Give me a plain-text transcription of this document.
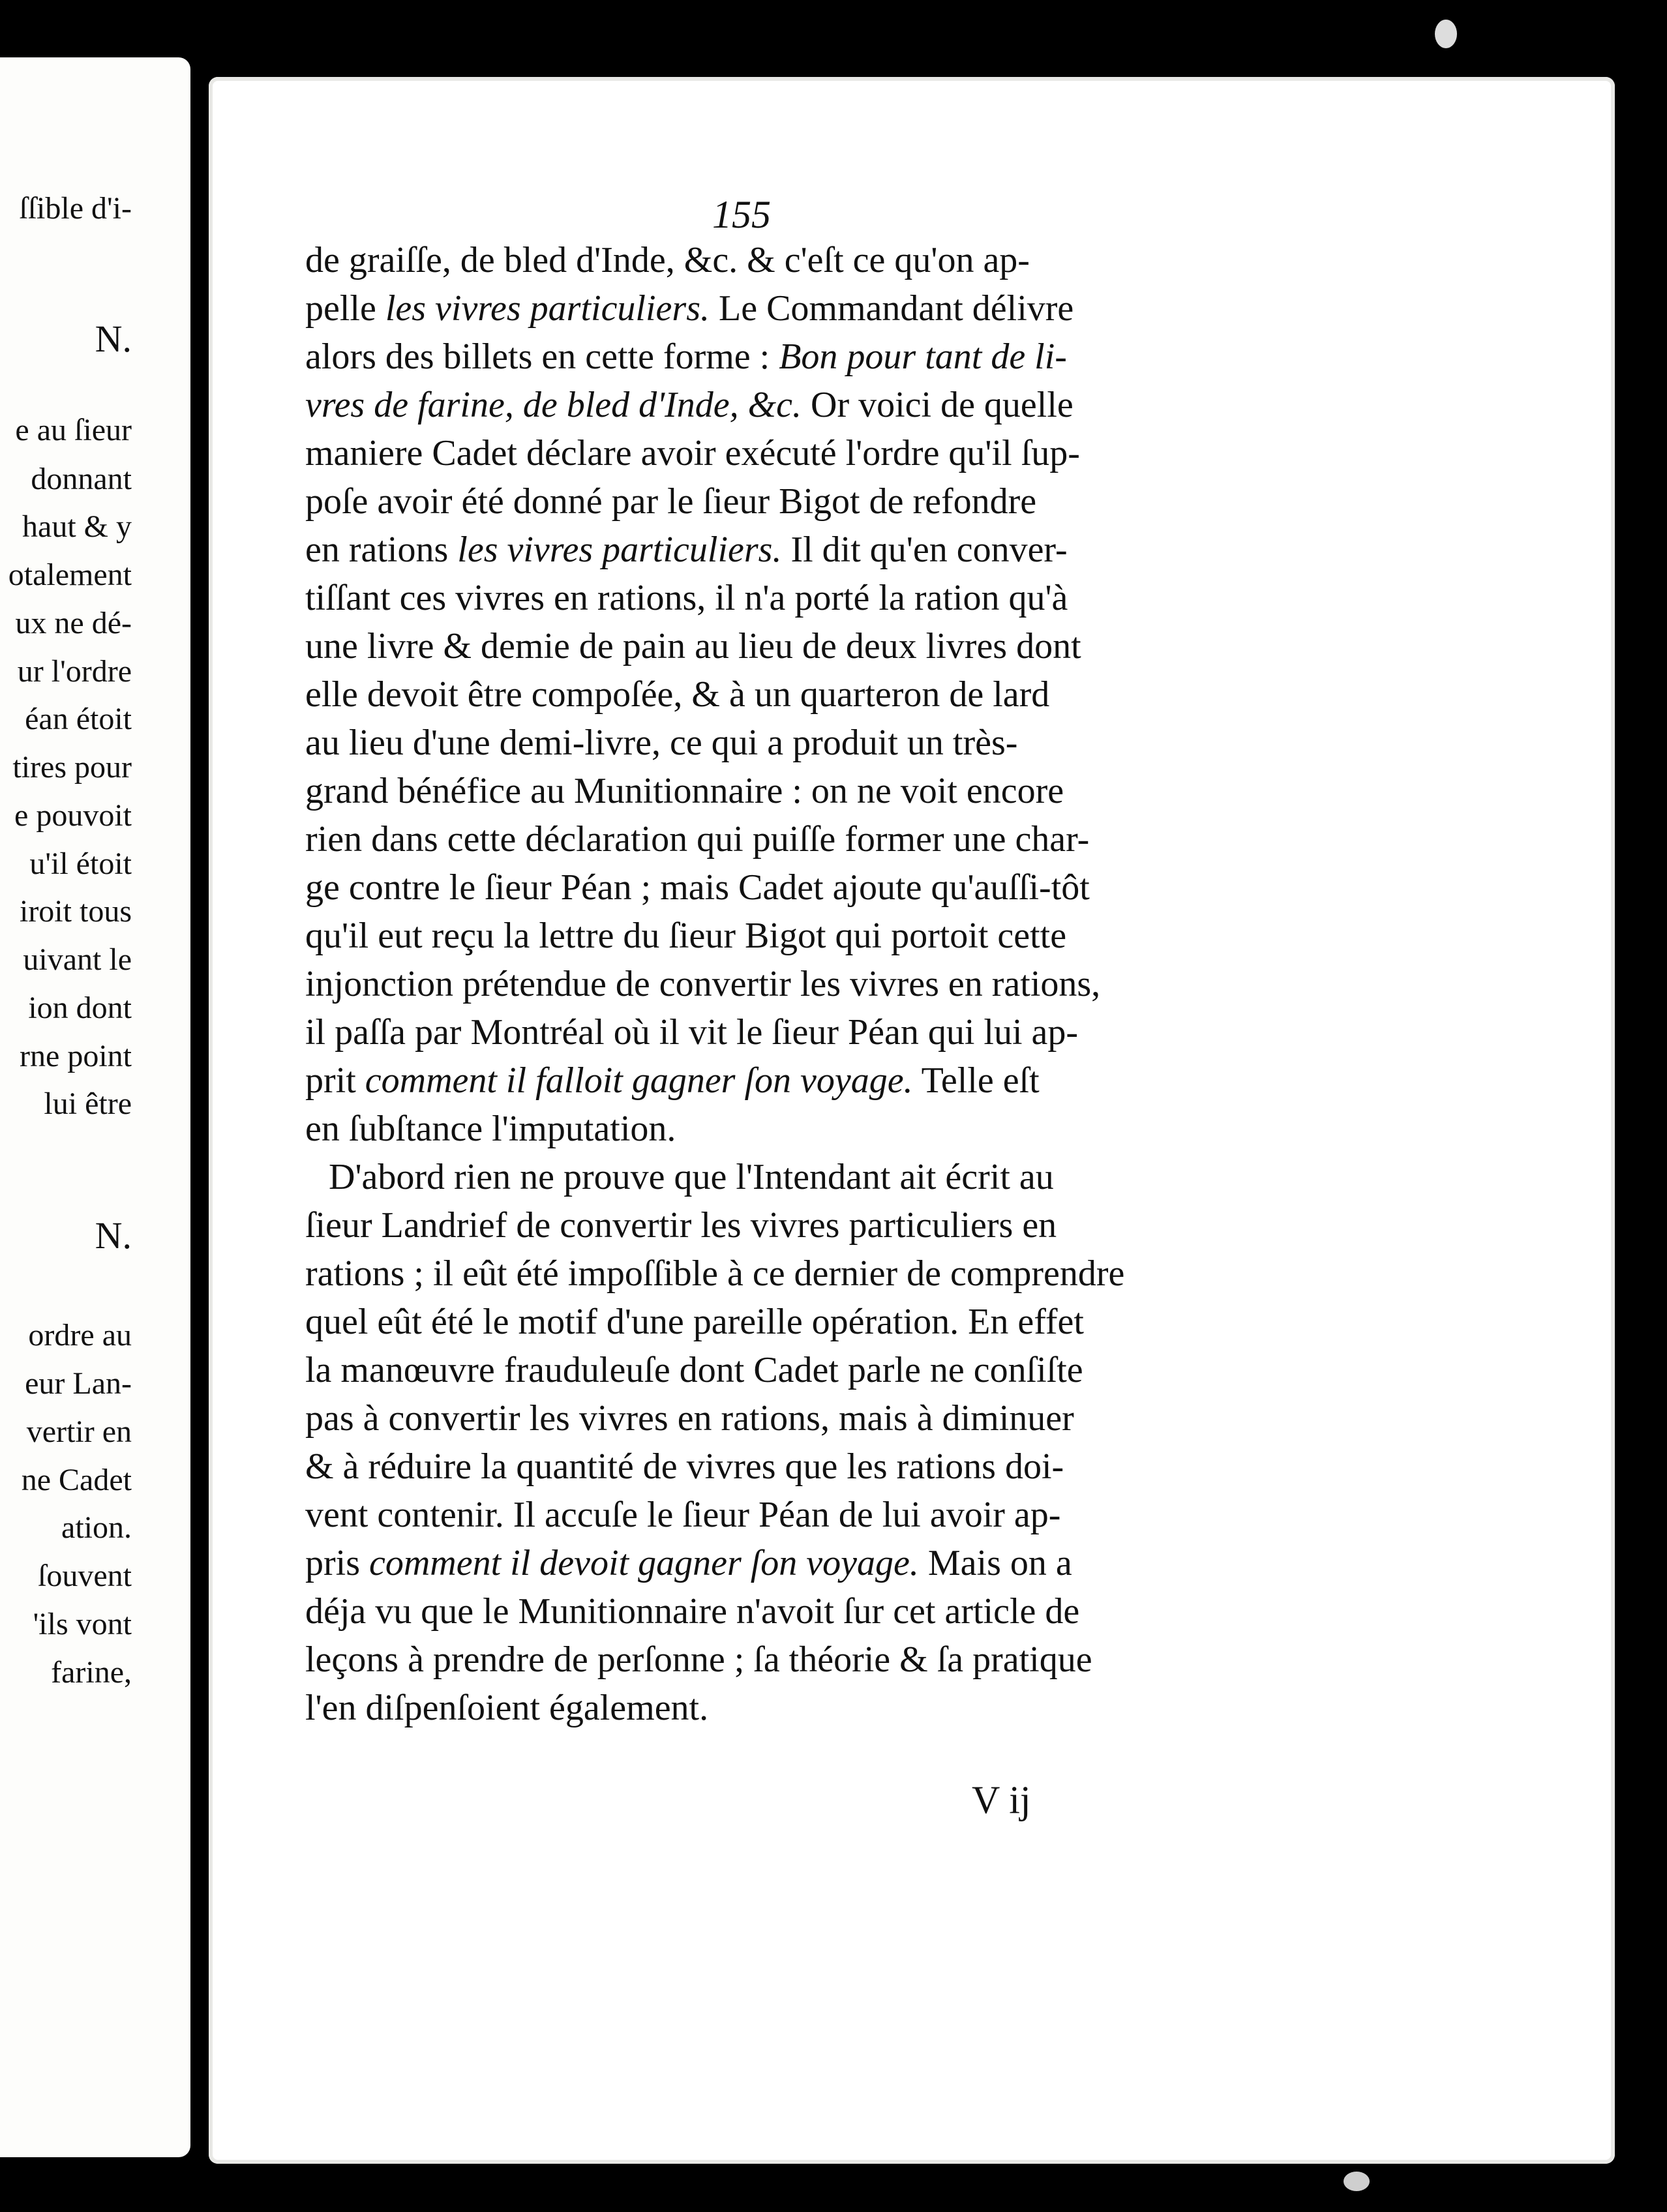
ſſible d'i-
N.
e au ſieur
donnant
haut & y
otalement
ux ne dé-
ur l'ordre
éan étoit
tires pour
e pouvoit
u'il étoit
iroit tous
uivant le
ion dont
rne point
lui être
N.
ordre au
eur Lan-
vertir en
ne Cadet
ation.
ſouvent
'ils vont
farine,
155
de graiſſe, de bled d'Inde, &c. & c'eſt ce qu'on ap-
pelle les vivres particuliers. Le Commandant délivre
alors des billets en cette forme : Bon pour tant de li-
vres de farine, de bled d'Inde, &c. Or voici de quelle
maniere Cadet déclare avoir exécuté l'ordre qu'il ſup-
poſe avoir été donné par le ſieur Bigot de refondre
en rations les vivres particuliers. Il dit qu'en conver-
tiſſant ces vivres en rations, il n'a porté la ration qu'à
une livre & demie de pain au lieu de deux livres dont
elle devoit être compoſée, & à un quarteron de lard
au lieu d'une demi-livre, ce qui a produit un très-
grand bénéfice au Munitionnaire : on ne voit encore
rien dans cette déclaration qui puiſſe former une char-
ge contre le ſieur Péan ; mais Cadet ajoute qu'auſſi-tôt
qu'il eut reçu la lettre du ſieur Bigot qui portoit cette
injonction prétendue de convertir les vivres en rations,
il paſſa par Montréal où il vit le ſieur Péan qui lui ap-
prit comment il falloit gagner ſon voyage. Telle eſt
en ſubſtance l'imputation.
D'abord rien ne prouve que l'Intendant ait écrit au
ſieur Landrief de convertir les vivres particuliers en
rations ; il eût été impoſſible à ce dernier de comprendre
quel eût été le motif d'une pareille opération. En effet
la manœuvre frauduleuſe dont Cadet parle ne conſiſte
pas à convertir les vivres en rations, mais à diminuer
& à réduire la quantité de vivres que les rations doi-
vent contenir. Il accuſe le ſieur Péan de lui avoir ap-
pris comment il devoit gagner ſon voyage. Mais on a
déja vu que le Munitionnaire n'avoit ſur cet article de
leçons à prendre de perſonne ; ſa théorie & ſa pratique
l'en diſpenſoient également.
V ij
